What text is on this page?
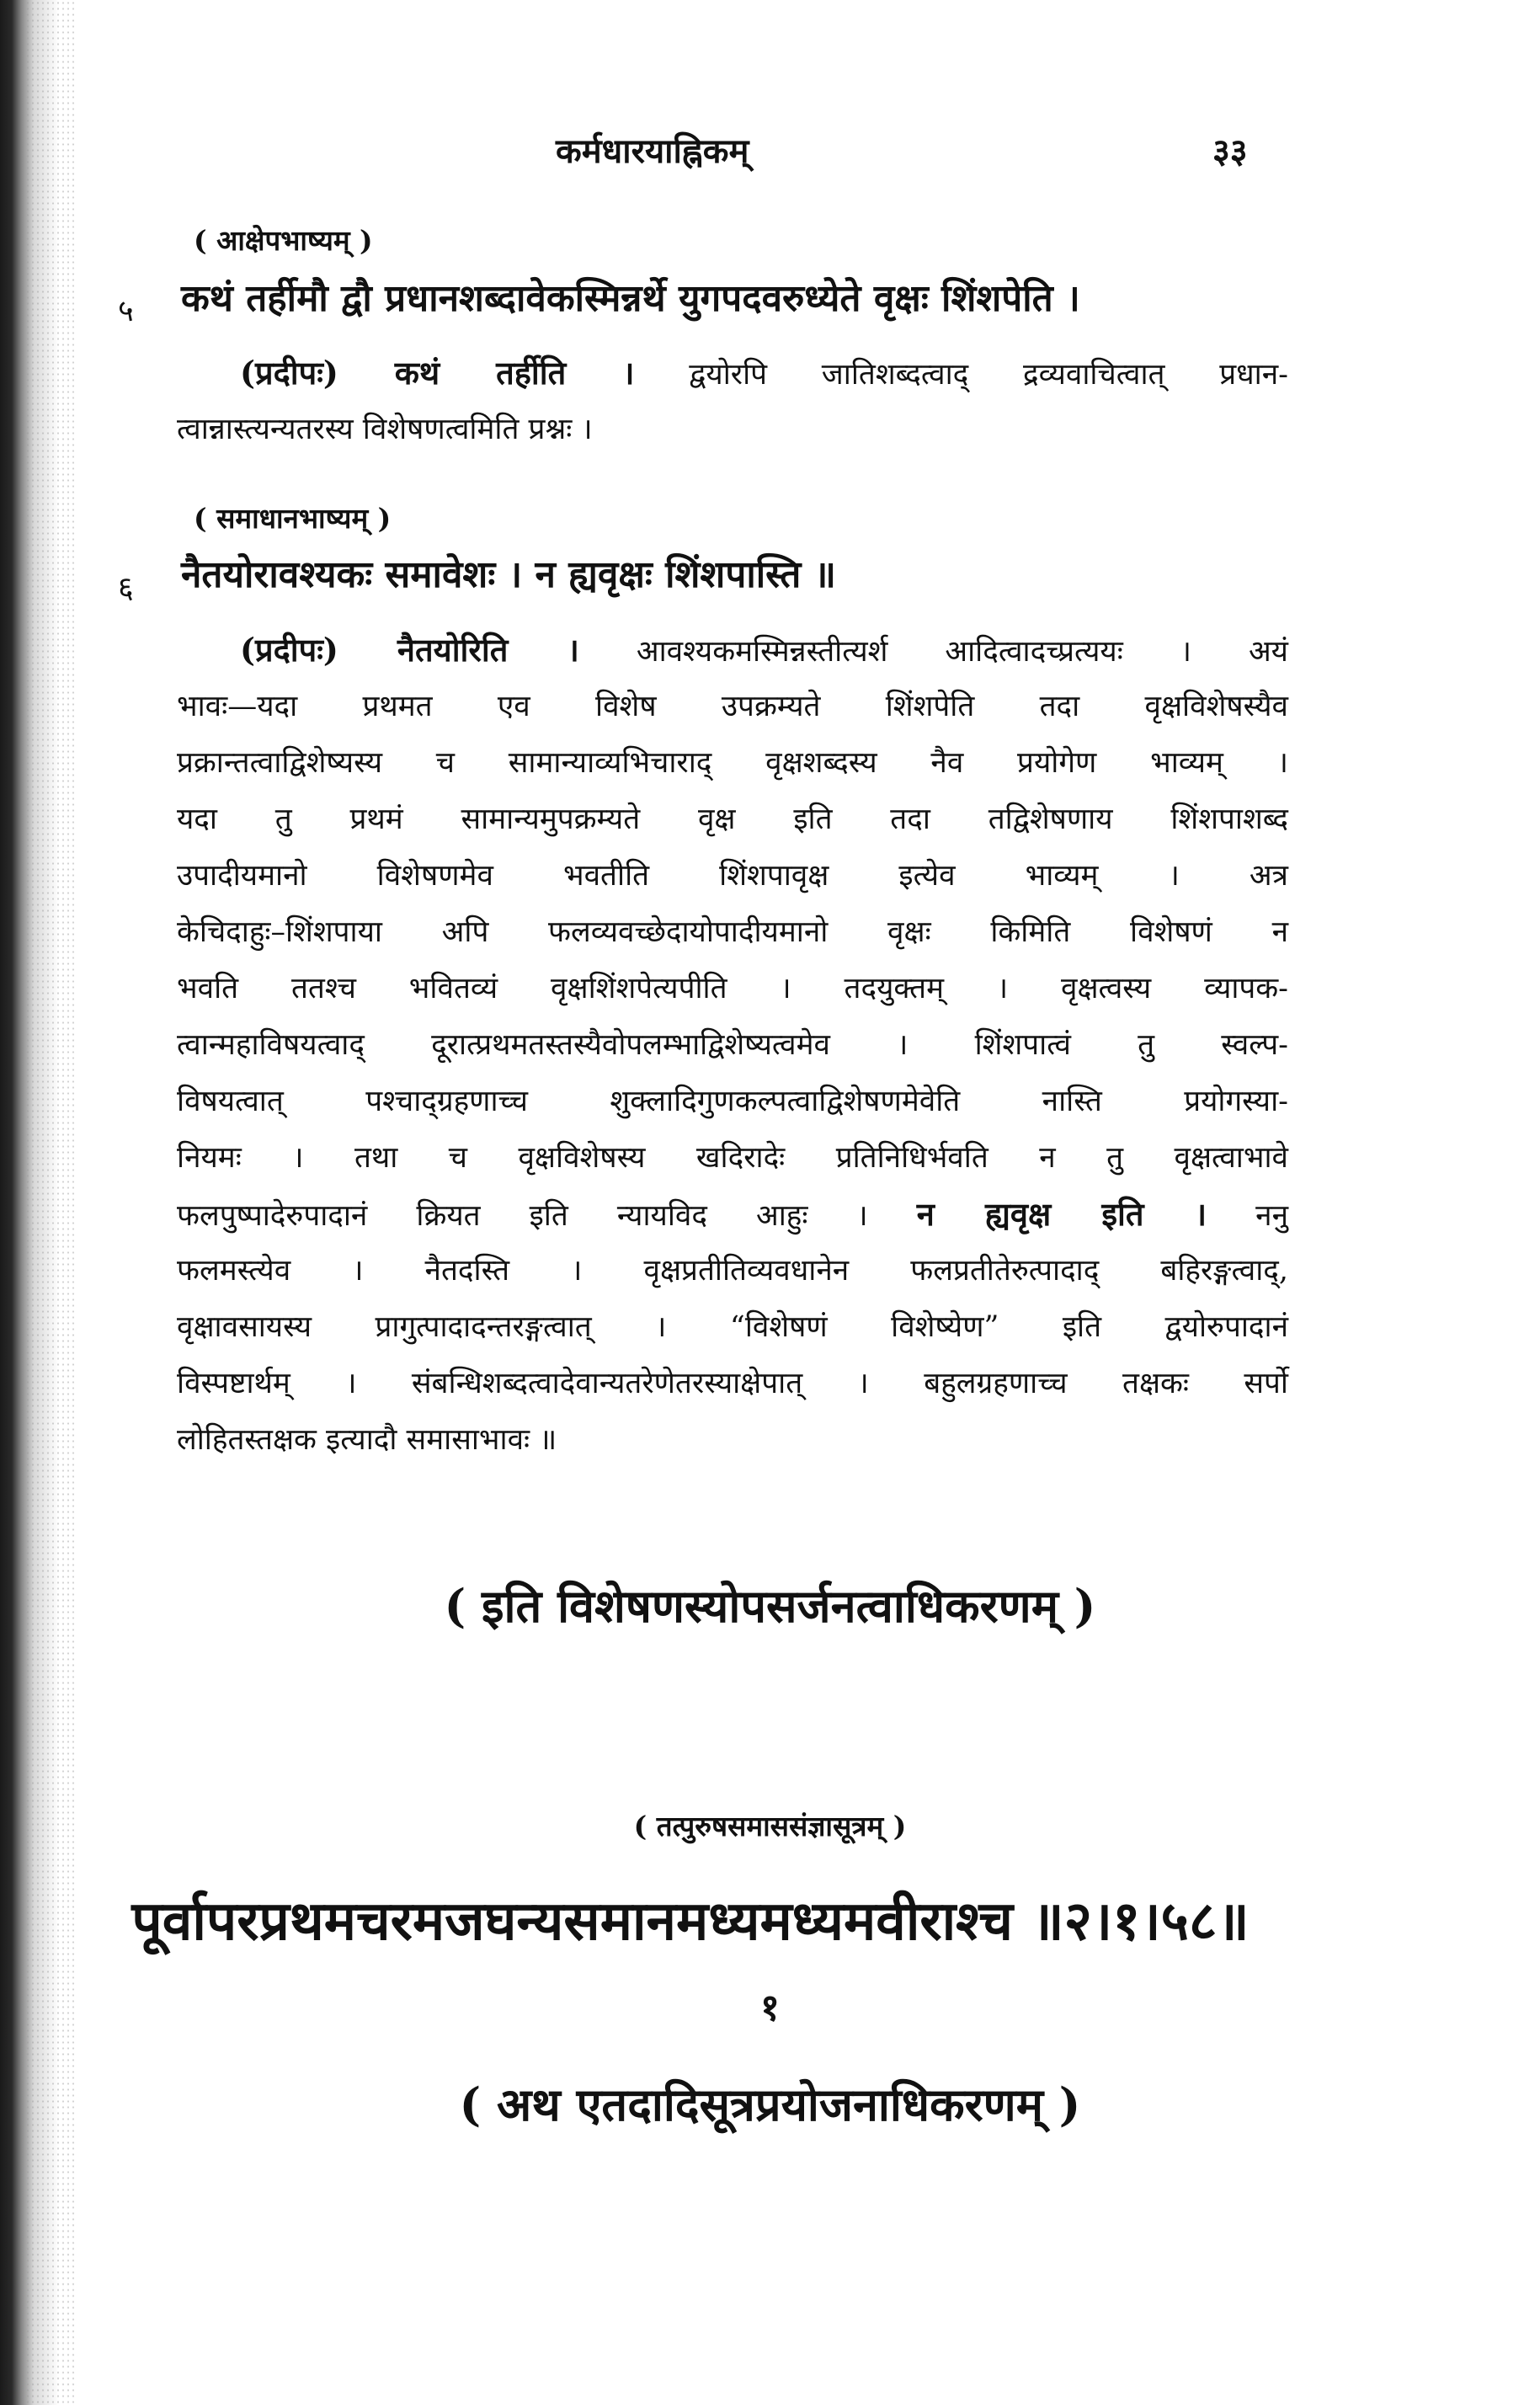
कर्मधारयाह्निकम्	३३
( आक्षेपभाष्यम् )
५ कथं तर्हीमौ द्वौ प्रधानशब्दावेकस्मिन्नर्थे युगपदवरुध्येते वृक्षः शिंशपेति ।
(प्रदीपः) कथं तर्हीति । द्वयोरपि जातिशब्दत्वाद् द्रव्यवाचित्वात् प्रधान-
त्वान्नास्त्यन्यतरस्य विशेषणत्वमिति प्रश्नः ।
( समाधानभाष्यम् )
६ नैतयोरावश्यकः समावेशः । न ह्यवृक्षः शिंशपास्ति ॥
(प्रदीपः) नैतयोरिति । आवश्यकमस्मिन्नस्तीत्यर्श आदित्वादच्प्रत्ययः । अयं
भावः—यदा प्रथमत एव विशेष उपक्रम्यते शिंशपेति तदा वृक्षविशेषस्यैव
प्रक्रान्तत्वाद्विशेष्यस्य च सामान्याव्यभिचाराद् वृक्षशब्दस्य नैव प्रयोगेण भाव्यम् ।
यदा तु प्रथमं सामान्यमुपक्रम्यते वृक्ष इति तदा तद्विशेषणाय शिंशपाशब्द
उपादीयमानो विशेषणमेव भवतीति शिंशपावृक्ष इत्येव भाव्यम् । अत्र
केचिदाहुः–शिंशपाया अपि फलव्यवच्छेदायोपादीयमानो वृक्षः किमिति विशेषणं न
भवति ततश्च भवितव्यं वृक्षशिंशपेत्यपीति । तदयुक्तम् । वृक्षत्वस्य व्यापक-
त्वान्महाविषयत्वाद् दूरात्प्रथमतस्तस्यैवोपलम्भाद्विशेष्यत्वमेव । शिंशपात्वं तु स्वल्प-
विषयत्वात् पश्चाद्ग्रहणाच्च शुक्लादिगुणकल्पत्वाद्विशेषणमेवेति नास्ति प्रयोगस्या-
नियमः । तथा च वृक्षविशेषस्य खदिरादेः प्रतिनिधिर्भवति न तु वृक्षत्वाभावे
फलपुष्पादेरुपादानं क्रियत इति न्यायविद आहुः । न ह्यवृक्ष इति । ननु
फलमस्त्येव । नैतदस्ति । वृक्षप्रतीतिव्यवधानेन फलप्रतीतेरुत्पादाद् बहिरङ्गत्वाद्,
वृक्षावसायस्य प्रागुत्पादादन्तरङ्गत्वात् । “विशेषणं विशेष्येण” इति द्वयोरुपादानं
विस्पष्टार्थम् । संबन्धिशब्दत्वादेवान्यतरेणेतरस्याक्षेपात् । बहुलग्रहणाच्च तक्षकः सर्पो
लोहितस्तक्षक इत्यादौ समासाभावः ॥
( इति विशेषणस्योपसर्जनत्वाधिकरणम् )
( तत्पुरुषसमाससंज्ञासूत्रम् )
पूर्वापरप्रथमचरमजघन्यसमानमध्यमध्यमवीराश्च ॥२।१।५८॥
१
( अथ एतदादिसूत्रप्रयोजनाधिकरणम् )
